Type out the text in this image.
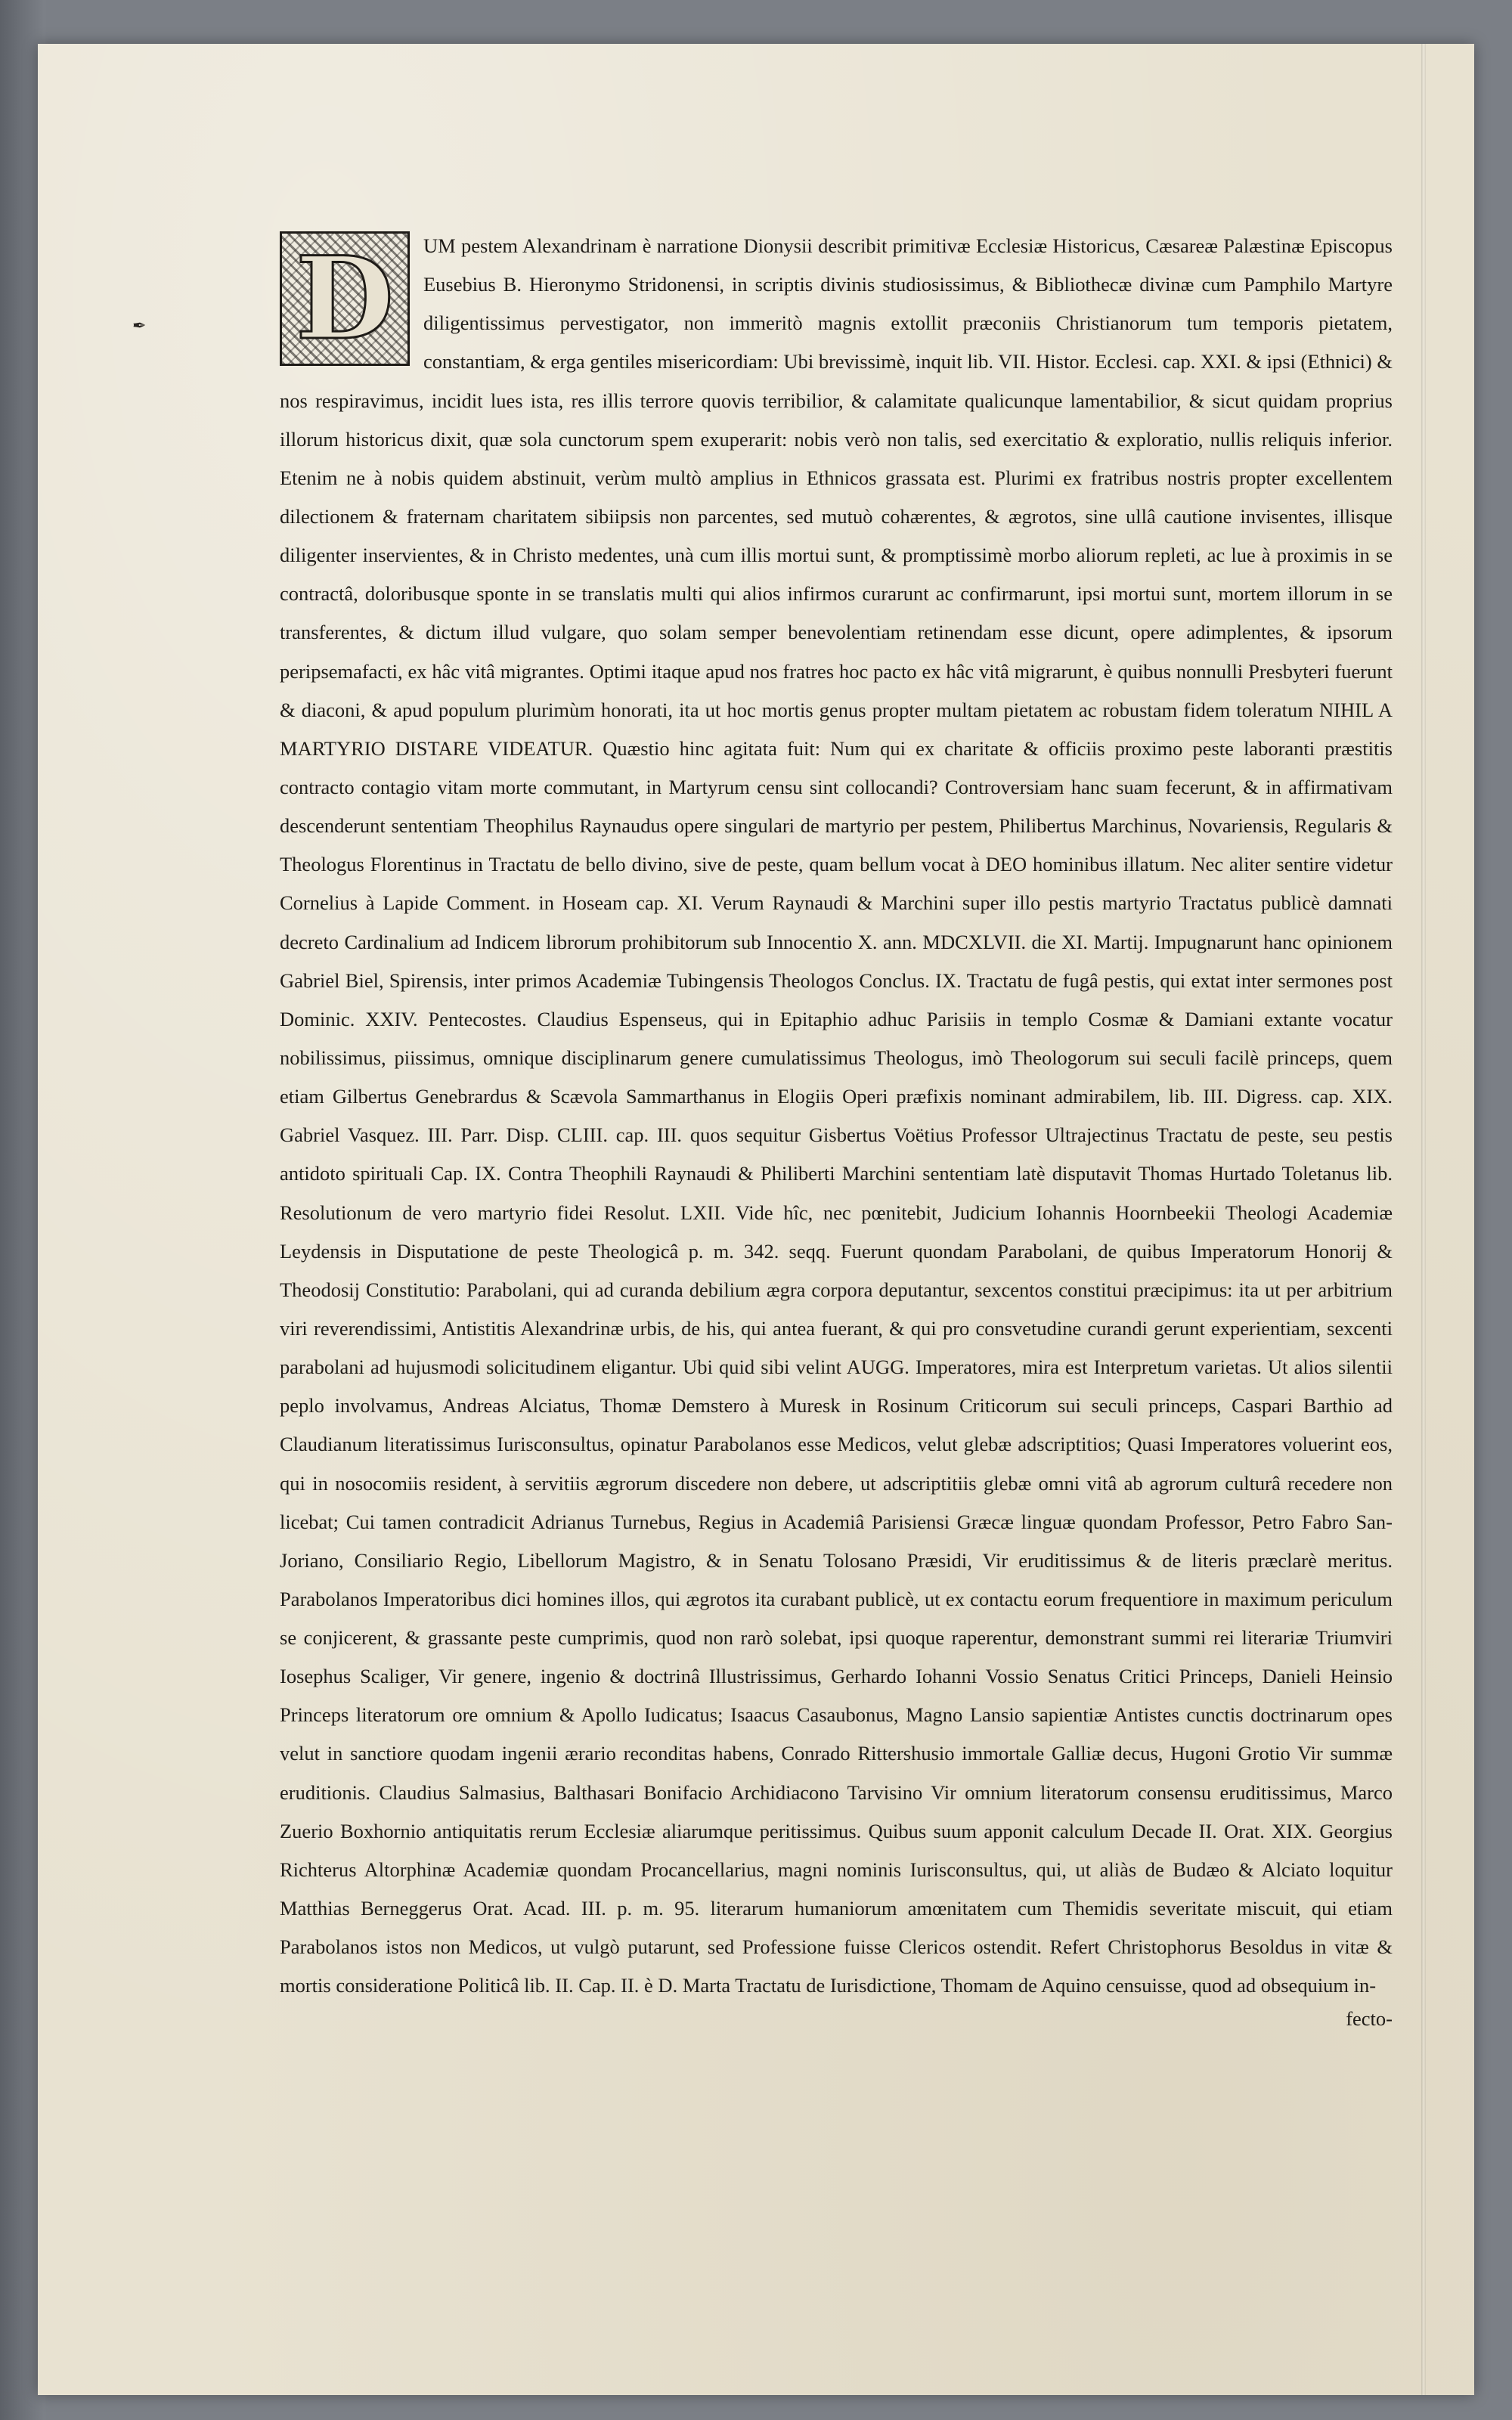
✒ D	UM pestem Alexandrinam è narratione Dionysii describit primitivæ Ecclesiæ Historicus, Cæsareæ Palæstinæ Episcopus Eusebius B. Hieronymo Stridonensi, in scriptis divinis studiosissimus, & Bibliothecæ divinæ cum Pamphilo Martyre diligentissimus pervestigator, non immeritò magnis extollit præconiis Christianorum tum temporis pietatem, constantiam, & erga gentiles misericordiam: Ubi brevissimè, inquit lib. VII. Histor. Ecclesi. cap. XXI. & ipsi (Ethnici) & nos respiravimus, incidit lues ista, res illis terrore quovis terribilior, & calamitate qualicunque lamentabilior, & sicut quidam proprius illorum historicus dixit, quæ sola cunctorum spem exuperarit: nobis verò non talis, sed exercitatio & exploratio, nullis reliquis inferior. Etenim ne à nobis quidem abstinuit, verùm multò amplius in Ethnicos grassata est. Plurimi ex fratribus nostris propter excellentem dilectionem & fraternam charitatem sibiipsis non parcentes, sed mutuò cohærentes, & ægrotos, sine ullâ cautione invisentes, illisque diligenter inservientes, & in Christo medentes, unà cum illis mortui sunt, & promptissimè morbo aliorum repleti, ac lue à proximis in se contractâ, doloribusque sponte in se translatis multi qui alios infirmos curarunt ac confirmarunt, ipsi mortui sunt, mortem illorum in se transferentes, & dictum illud vulgare, quo solam semper benevolentiam retinendam esse dicunt, opere adimplentes, & ipsorum peripsemafacti, ex hâc vitâ migrantes. Optimi itaque apud nos fratres hoc pacto ex hâc vitâ migrarunt, è quibus nonnulli Presbyteri fuerunt & diaconi, & apud populum plurimùm honorati, ita ut hoc mortis genus propter multam pietatem ac robustam fidem toleratum NIHIL A MARTYRIO DISTARE VIDEATUR. Quæstio hinc agitata fuit: Num qui ex charitate & officiis proximo peste laboranti præstitis contracto contagio vitam morte commutant, in Martyrum censu sint collocandi? Controversiam hanc suam fecerunt, & in affirmativam descenderunt sententiam Theophilus Raynaudus opere singulari de martyrio per pestem, Philibertus Marchinus, Novariensis, Regularis & Theologus Florentinus in Tractatu de bello divino, sive de peste, quam bellum vocat à DEO hominibus illatum. Nec aliter sentire videtur Cornelius à Lapide Comment. in Hoseam cap. XI. Verum Raynaudi & Marchini super illo pestis martyrio Tractatus publicè damnati decreto Cardinalium ad Indicem librorum prohibitorum sub Innocentio X. ann. MDCXLVII. die XI. Martij. Impugnarunt hanc opinionem Gabriel Biel, Spirensis, inter primos Academiæ Tubingensis Theologos Conclus. IX. Tractatu de fugâ pestis, qui extat inter sermones post Dominic. XXIV. Pentecostes. Claudius Espenseus, qui in Epitaphio adhuc Parisiis in templo Cosmæ & Damiani extante vocatur nobilissimus, piissimus, omnique disciplinarum genere cumulatissimus Theologus, imò Theologorum sui seculi facilè princeps, quem etiam Gilbertus Genebrardus & Scævola Sammarthanus in Elogiis Operi præfixis nominant admirabilem, lib. III. Digress. cap. XIX. Gabriel Vasquez. III. Parr. Disp. CLIII. cap. III. quos sequitur Gisbertus Voëtius Professor Ultrajectinus Tractatu de peste, seu pestis antidoto spirituali Cap. IX. Contra Theophili Raynaudi & Philiberti Marchini sententiam latè disputavit Thomas Hurtado Toletanus lib. Resolutionum de vero martyrio fidei Resolut. LXII. Vide hîc, nec pœnitebit, Judicium Iohannis Hoornbeekii Theologi Academiæ Leydensis in Disputatione de peste Theologicâ p. m. 342. seqq. Fuerunt quondam Parabolani, de quibus Imperatorum Honorij & Theodosij Constitutio: Parabolani, qui ad curanda debilium ægra corpora deputantur, sexcentos constitui præcipimus: ita ut per arbitrium viri reverendissimi, Antistitis Alexandrinæ urbis, de his, qui antea fuerant, & qui pro consvetudine curandi gerunt experientiam, sexcenti parabolani ad hujusmodi solicitudinem eligantur. Ubi quid sibi velint AUGG. Imperatores, mira est Interpretum varietas. Ut alios silentii peplo involvamus, Andreas Alciatus, Thomæ Demstero à Muresk in Rosinum Criticorum sui seculi princeps, Caspari Barthio ad Claudianum literatissimus Iurisconsultus, opinatur Parabolanos esse Medicos, velut glebæ adscriptitios; Quasi Imperatores voluerint eos, qui in nosocomiis resident, à servitiis ægrorum discedere non debere, ut adscriptitiis glebæ omni vitâ ab agrorum culturâ recedere non licebat; Cui tamen contradicit Adrianus Turnebus, Regius in Academiâ Parisiensi Græcæ linguæ quondam Professor, Petro Fabro San-Joriano, Consiliario Regio, Libellorum Magistro, & in Senatu Tolosano Præsidi, Vir eruditissimus & de literis præclarè meritus. Parabolanos Imperatoribus dici homines illos, qui ægrotos ita curabant publicè, ut ex contactu eorum frequentiore in maximum periculum se conjicerent, & grassante peste cumprimis, quod non rarò solebat, ipsi quoque raperentur, demonstrant summi rei literariæ Triumviri Iosephus Scaliger, Vir genere, ingenio & doctrinâ Illustrissimus, Gerhardo Iohanni Vossio Senatus Critici Princeps, Danieli Heinsio Princeps literatorum ore omnium & Apollo Iudicatus; Isaacus Casaubonus, Magno Lansio sapientiæ Antistes cunctis doctrinarum opes velut in sanctiore quodam ingenii ærario reconditas habens, Conrado Rittershusio immortale Galliæ decus, Hugoni Grotio Vir summæ eruditionis. Claudius Salmasius, Balthasari Bonifacio Archidiacono Tarvisino Vir omnium literatorum consensu eruditissimus, Marco Zuerio Boxhornio antiquitatis rerum Ecclesiæ aliarumque peritissimus. Quibus suum apponit calculum Decade II. Orat. XIX. Georgius Richterus Altorphinæ Academiæ quondam Procancellarius, magni nominis Iurisconsultus, qui, ut aliàs de Budæo & Alciato loquitur Matthias Berneggerus Orat. Acad. III. p. m. 95. literarum humaniorum amœnitatem cum Themidis severitate miscuit, qui etiam Parabolanos istos non Medicos, ut vulgò putarunt, sed Professione fuisse Clericos ostendit. Refert Christophorus Besoldus in vitæ & mortis consideratione Politicâ lib. II. Cap. II. è D. Marta Tractatu de Iurisdictione, Thomam de Aquino censuisse, quod ad obsequium in-

fecto-
